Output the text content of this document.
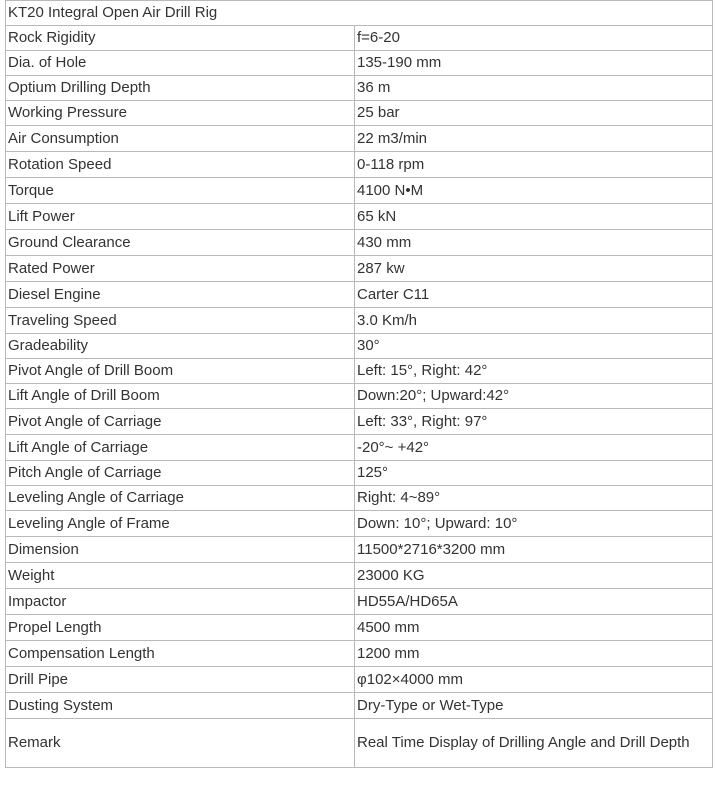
KT20 Integral Open Air Drill Rig	
Rock Rigidity	f=6-20
Dia. of Hole	135-190 mm
Optium Drilling Depth	36 m
Working Pressure	25 bar
Air Consumption	22 m3/min
Rotation Speed	0-118 rpm
Torque	4100 N•M
Lift Power	65 kN
Ground Clearance	430 mm
Rated Power	287 kw
Diesel Engine	Carter C11
Traveling Speed	3.0 Km/h
Gradeability	30°
Pivot Angle of Drill Boom	Left: 15°, Right: 42°
Lift Angle of Drill Boom	Down:20°; Upward:42°
Pivot Angle of Carriage	Left: 33°, Right: 97°
Lift Angle of Carriage	-20°~ +42°
Pitch Angle of Carriage	125°
Leveling Angle of Carriage	Right: 4~89°
Leveling Angle of Frame	Down: 10°; Upward: 10°
Dimension	11500*2716*3200 mm
Weight	23000 KG
Impactor	HD55A/HD65A
Propel Length	4500 mm
Compensation Length	1200 mm
Drill Pipe	φ102×4000 mm
Dusting System	Dry-Type or Wet-Type
Remark	Real Time Display of Drilling Angle and Drill Depth
